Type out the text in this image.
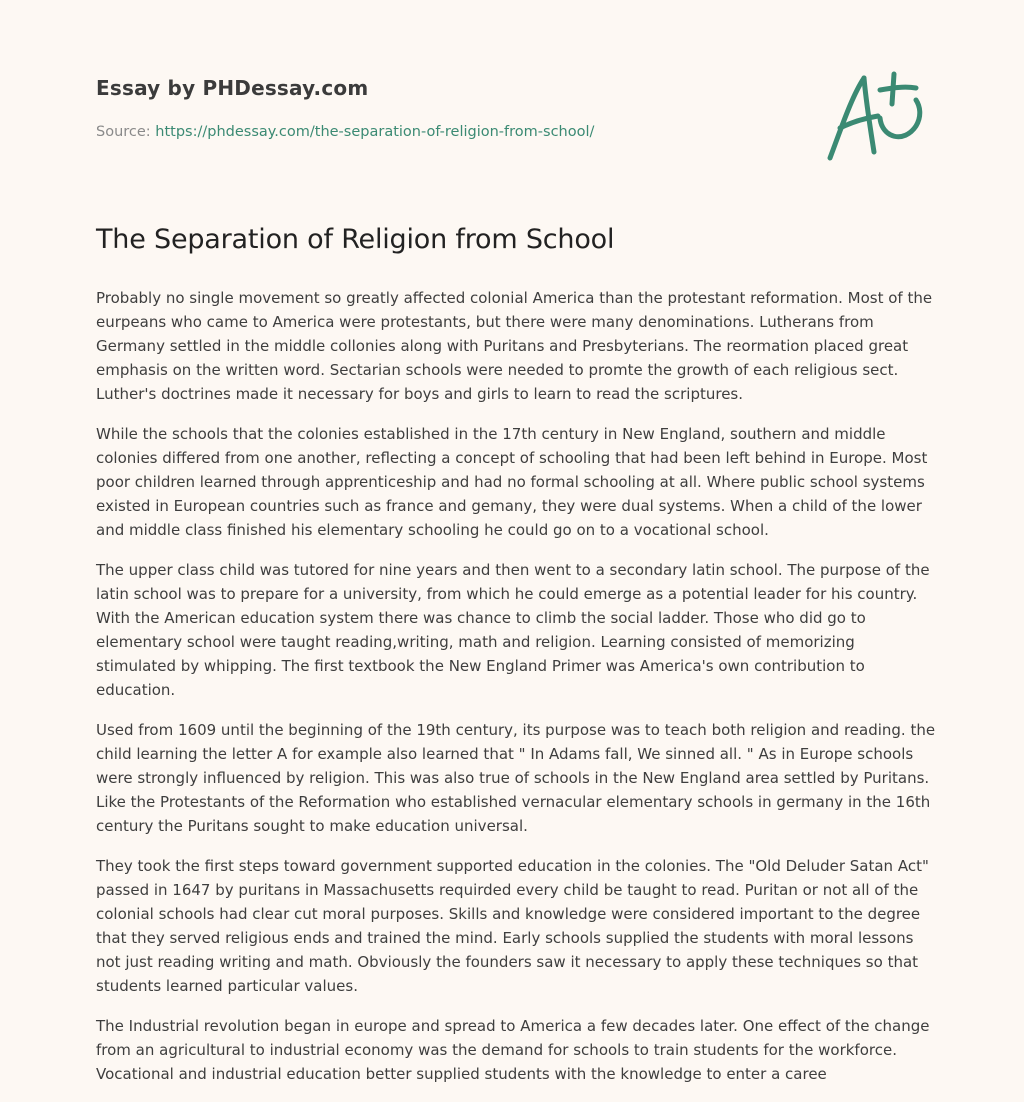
Essay by PHDessay.com
Source: https://phdessay.com/the-separation-of-religion-from-school/
The Separation of Religion from School

Probably no single movement so greatly affected colonial America than the protestant reformation. Most of the eurpeans who came to America were protestants, but there were many denominations. Lutherans from Germany settled in the middle collonies along with Puritans and Presbyterians. The reormation placed great emphasis on the written word. Sectarian schools were needed to promte the growth of each religious sect. Luther's doctrines made it necessary for boys and girls to learn to read the scriptures.

While the schools that the colonies established in the 17th century in New England, southern and middle colonies differed from one another, reflecting a concept of schooling that had been left behind in Europe. Most poor children learned through apprenticeship and had no formal schooling at all. Where public school systems existed in European countries such as france and gemany, they were dual systems. When a child of the lower and middle class finished his elementary schooling he could go on to a vocational school.

The upper class child was tutored for nine years and then went to a secondary latin school. The purpose of the latin school was to prepare for a university, from which he could emerge as a potential leader for his country. With the American education system there was chance to climb the social ladder. Those who did go to elementary school were taught reading,writing, math and religion. Learning consisted of memorizing stimulated by whipping. The first textbook the New England Primer was America's own contribution to education.

Used from 1609 until the beginning of the 19th century, its purpose was to teach both religion and reading. the child learning the letter A for example also learned that " In Adams fall, We sinned all. " As in Europe schools were strongly influenced by religion. This was also true of schools in the New England area settled by Puritans. Like the Protestants of the Reformation who established vernacular elementary schools in germany in the 16th century the Puritans sought to make education universal.

They took the first steps toward government supported education in the colonies. The "Old Deluder Satan Act" passed in 1647 by puritans in Massachusetts requirded every child be taught to read. Puritan or not all of the colonial schools had clear cut moral purposes. Skills and knowledge were considered important to the degree that they served religious ends and trained the mind. Early schools supplied the students with moral lessons not just reading writing and math. Obviously the founders saw it necessary to apply these techniques so that students learned particular values.

The Industrial revolution began in europe and spread to America a few decades later. One effect of the change from an agricultural to industrial economy was the demand for schools to train students for the workforce. Vocational and industrial education better supplied students with the knowledge to enter a caree
